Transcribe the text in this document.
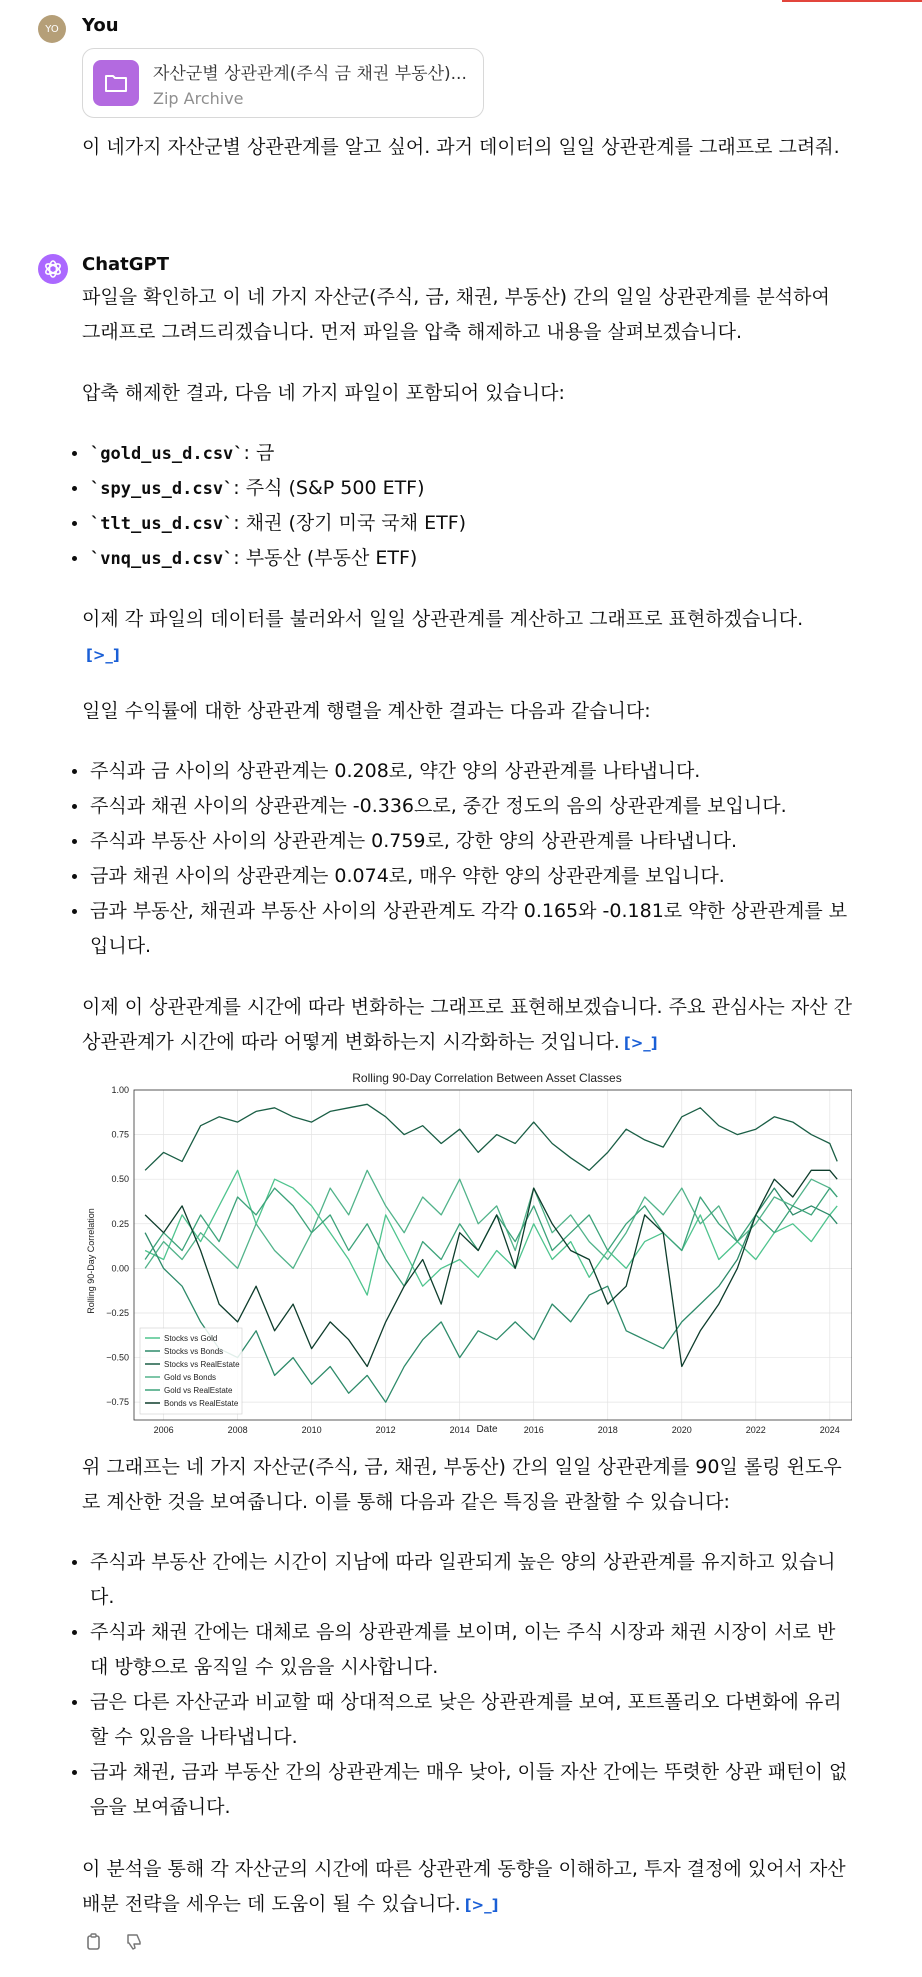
YO	You
자산군별 상관관계(주식 금 채권 부동산)...
Zip Archive
이 네가지 자산군별 상관관계를 알고 싶어. 과거 데이터의 일일 상관관계를 그래프로 그려줘.
ChatGPT
파일을 확인하고 이 네 가지 자산군(주식, 금, 채권, 부동산) 간의 일일 상관관계를 분석하여 그래프로 그려드리겠습니다. 먼저 파일을 압축 해제하고 내용을 살펴보겠습니다.
압축 해제한 결과, 다음 네 가지 파일이 포함되어 있습니다:
`gold_us_d.csv`: 금
`spy_us_d.csv`: 주식 (S&P 500 ETF)
`tlt_us_d.csv`: 채권 (장기 미국 국채 ETF)
`vnq_us_d.csv`: 부동산 (부동산 ETF)
이제 각 파일의 데이터를 불러와서 일일 상관관계를 계산하고 그래프로 표현하겠습니다.
[>_]
일일 수익률에 대한 상관관계 행렬을 계산한 결과는 다음과 같습니다:
주식과 금 사이의 상관관계는 0.208로, 약간 양의 상관관계를 나타냅니다.
주식과 채권 사이의 상관관계는 -0.336으로, 중간 정도의 음의 상관관계를 보입니다.
주식과 부동산 사이의 상관관계는 0.759로, 강한 양의 상관관계를 나타냅니다.
금과 채권 사이의 상관관계는 0.074로, 매우 약한 양의 상관관계를 보입니다.
금과 부동산, 채권과 부동산 사이의 상관관계도 각각 0.165와 -0.181로 약한 상관관계를 보입니다.
이제 이 상관관계를 시간에 따라 변화하는 그래프로 표현해보겠습니다. 주요 관심사는 자산 간 상관관계가 시간에 따라 어떻게 변화하는지 시각화하는 것입니다. [>_]
Rolling 90-Day Correlation Between Asset Classes
Date
Rolling 90-Day Correlation
1.00
0.75
0.50
0.25
0.00
−0.25
−0.50
−0.75
2006	2008	2010	2012	2014	2016	2018	2020	2022	2024
Stocks vs Gold
Stocks vs Bonds
Stocks vs RealEstate
Gold vs Bonds
Gold vs RealEstate
Bonds vs RealEstate
위 그래프는 네 가지 자산군(주식, 금, 채권, 부동산) 간의 일일 상관관계를 90일 롤링 윈도우로 계산한 것을 보여줍니다. 이를 통해 다음과 같은 특징을 관찰할 수 있습니다:
주식과 부동산 간에는 시간이 지남에 따라 일관되게 높은 양의 상관관계를 유지하고 있습니다.
주식과 채권 간에는 대체로 음의 상관관계를 보이며, 이는 주식 시장과 채권 시장이 서로 반대 방향으로 움직일 수 있음을 시사합니다.
금은 다른 자산군과 비교할 때 상대적으로 낮은 상관관계를 보여, 포트폴리오 다변화에 유리할 수 있음을 나타냅니다.
금과 채권, 금과 부동산 간의 상관관계는 매우 낮아, 이들 자산 간에는 뚜렷한 상관 패턴이 없음을 보여줍니다.
이 분석을 통해 각 자산군의 시간에 따른 상관관계 동향을 이해하고, 투자 결정에 있어서 자산 배분 전략을 세우는 데 도움이 될 수 있습니다. [>_]
